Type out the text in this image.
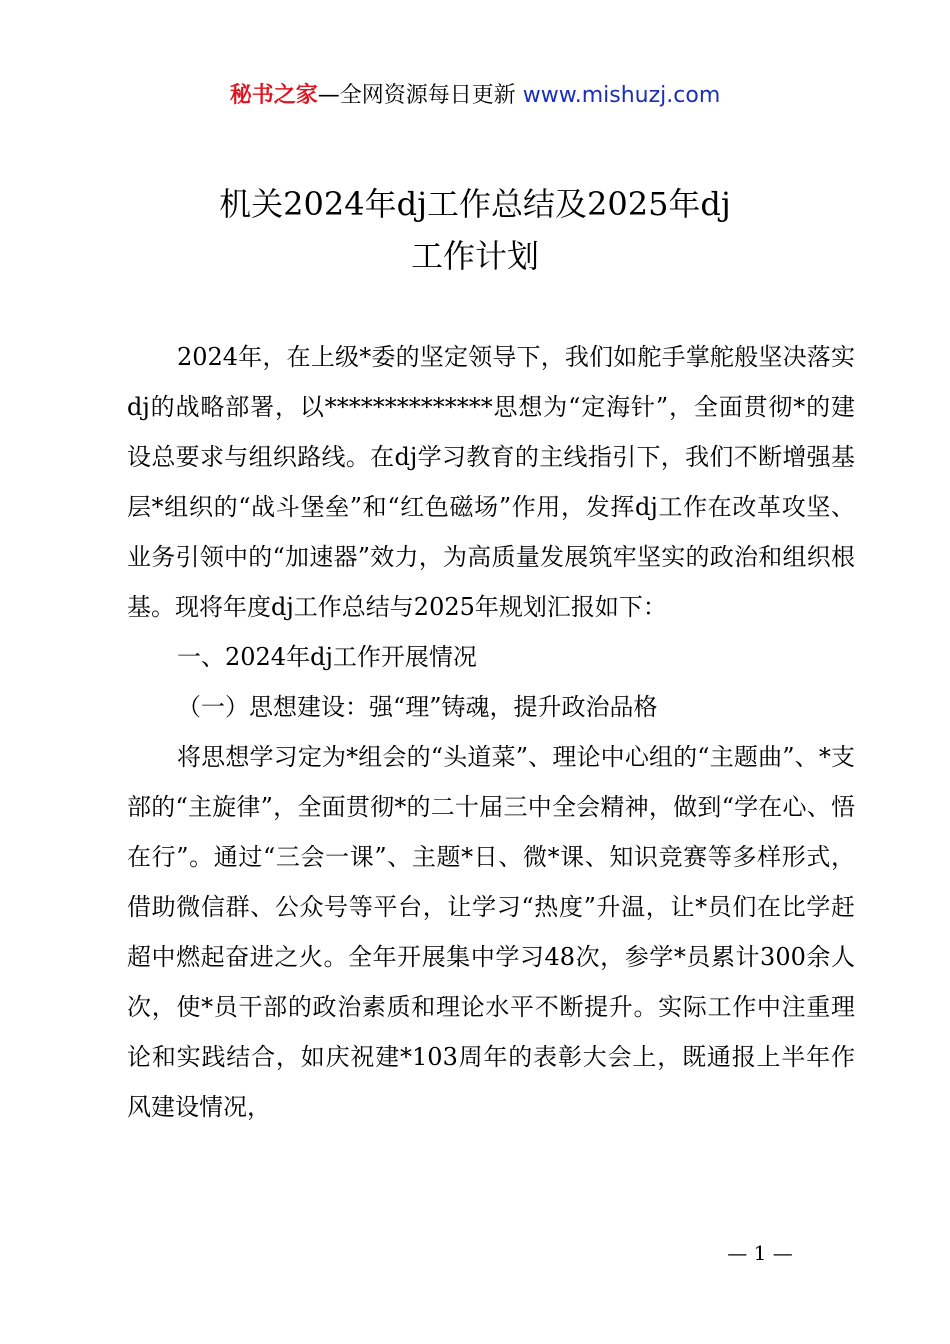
秘书之家—全网资源每日更新 www.mishuzj.com
机关2024年dj工作总结及2025年dj
工作计划

2024年，在上级*委的坚定领导下，我们如舵手掌舵般坚决落实dj的战略部署，以**************思想为“定海针”，全面贯彻*的建设总要求与组织路线。在dj学习教育的主线指引下，我们不断增强基层*组织的“战斗堡垒”和“红色磁场”作用，发挥dj工作在改革攻坚、业务引领中的“加速器”效力，为高质量发展筑牢坚实的政治和组织根基。现将年度dj工作总结与2025年规划汇报如下：

一、2024年dj工作开展情况

（一）思想建设：强“理”铸魂，提升政治品格

将思想学习定为*组会的“头道菜”、理论中心组的“主题曲”、*支部的“主旋律”，全面贯彻*的二十届三中全会精神，做到“学在心、悟在行”。通过“三会一课”、主题*日、微*课、知识竞赛等多样形式，借助微信群、公众号等平台，让学习“热度”升温，让*员们在比学赶超中燃起奋进之火。全年开展集中学习48次，参学*员累计300余人次，使*员干部的政治素质和理论水平不断提升。实际工作中注重理论和实践结合，如庆祝建*103周年的表彰大会上，既通报上半年作风建设情况，

— 1 —
